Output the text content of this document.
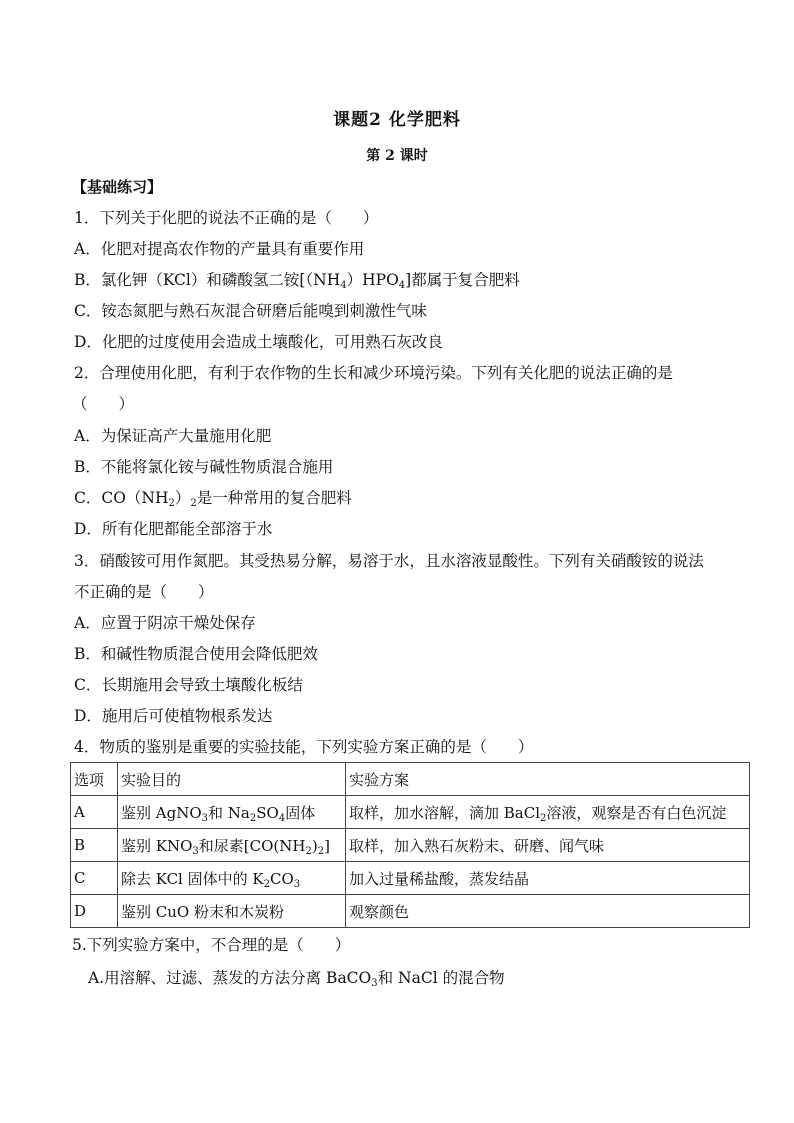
课题2 化学肥料
第 2 课时
【基础练习】
1．下列关于化肥的说法不正确的是（　　）
A．化肥对提高农作物的产量具有重要作用
B．氯化钾（KCl）和磷酸氢二铵$[(NH_4)HPO_4]$都属于复合肥料
C．铵态氮肥与熟石灰混合研磨后能嗅到刺激性气味
D．化肥的过度使用会造成土壤酸化，可用熟石灰改良
2．合理使用化肥，有利于农作物的生长和减少环境污染。下列有关化肥的说法正确的是
（　　）
A．为保证高产大量施用化肥
B．不能将氯化铵与碱性物质混合施用
C．$CO(NH_2)_2$是一种常用的复合肥料
D．所有化肥都能全部溶于水
3．硝酸铵可用作氮肥。其受热易分解，易溶于水，且水溶液显酸性。下列有关硝酸铵的说法
不正确的是（　　）
A．应置于阴凉干燥处保存
B．和碱性物质混合使用会降低肥效
C．长期施用会导致土壤酸化板结
D．施用后可使植物根系发达
4．物质的鉴别是重要的实验技能，下列实验方案正确的是（　　）
选项	实验目的	实验方案
A	鉴别 AgNO$_3$和 $Na_2SO_4$固体	取样，加水溶解，滴加 BaCl$_2$溶液，观察是否有白色沉淀
B	鉴别 $KNO_3$和尿素$[CO(NH_2)_2]$	取样，加入熟石灰粉末、研磨、闻气味
C	除去 KCl 固体中的 $K_2CO_3$	加入过量稀盐酸，蒸发结晶
D	鉴别 CuO 粉末和木炭粉	观察颜色
5.下列实验方案中，不合理的是（　　）
A.用溶解、过滤、蒸发的方法分离 BaCO$_3$和 NaCl 的混合物
